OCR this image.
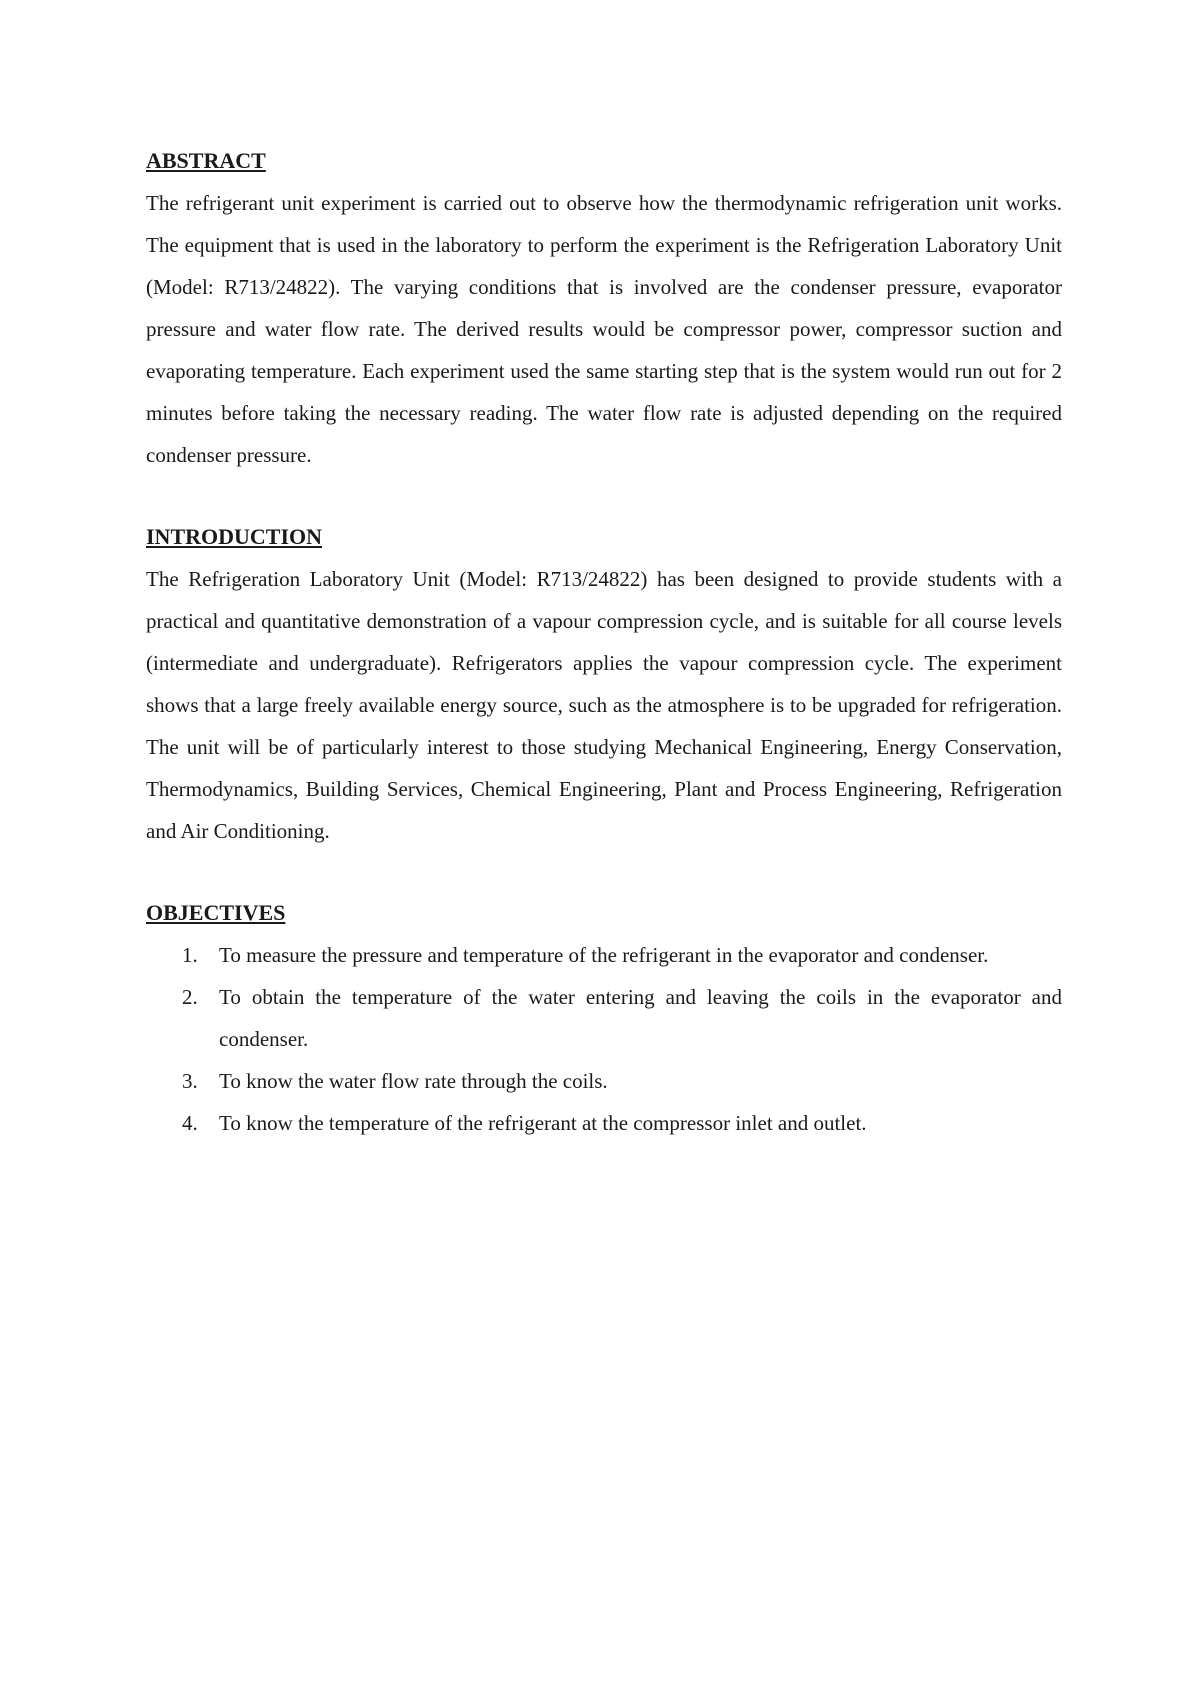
ABSTRACT

The refrigerant unit experiment is carried out to observe how the thermodynamic refrigeration unit works. The equipment that is used in the laboratory to perform the experiment is the Refrigeration Laboratory Unit (Model: R713/24822). The varying conditions that is involved are the condenser pressure, evaporator pressure and water flow rate. The derived results would be compressor power, compressor suction and evaporating temperature. Each experiment used the same starting step that is the system would run out for 2 minutes before taking the necessary reading. The water flow rate is adjusted depending on the required condenser pressure.

INTRODUCTION

The Refrigeration Laboratory Unit (Model: R713/24822) has been designed to provide students with a practical and quantitative demonstration of a vapour compression cycle, and is suitable for all course levels (intermediate and undergraduate). Refrigerators applies the vapour compression cycle. The experiment shows that a large freely available energy source, such as the atmosphere is to be upgraded for refrigeration. The unit will be of particularly interest to those studying Mechanical Engineering, Energy Conservation, Thermodynamics, Building Services, Chemical Engineering, Plant and Process Engineering, Refrigeration and Air Conditioning.

OBJECTIVES
1. To measure the pressure and temperature of the refrigerant in the evaporator and condenser.
2. To obtain the temperature of the water entering and leaving the coils in the evaporator and condenser.
3. To know the water flow rate through the coils.
4. To know the temperature of the refrigerant at the compressor inlet and outlet.
